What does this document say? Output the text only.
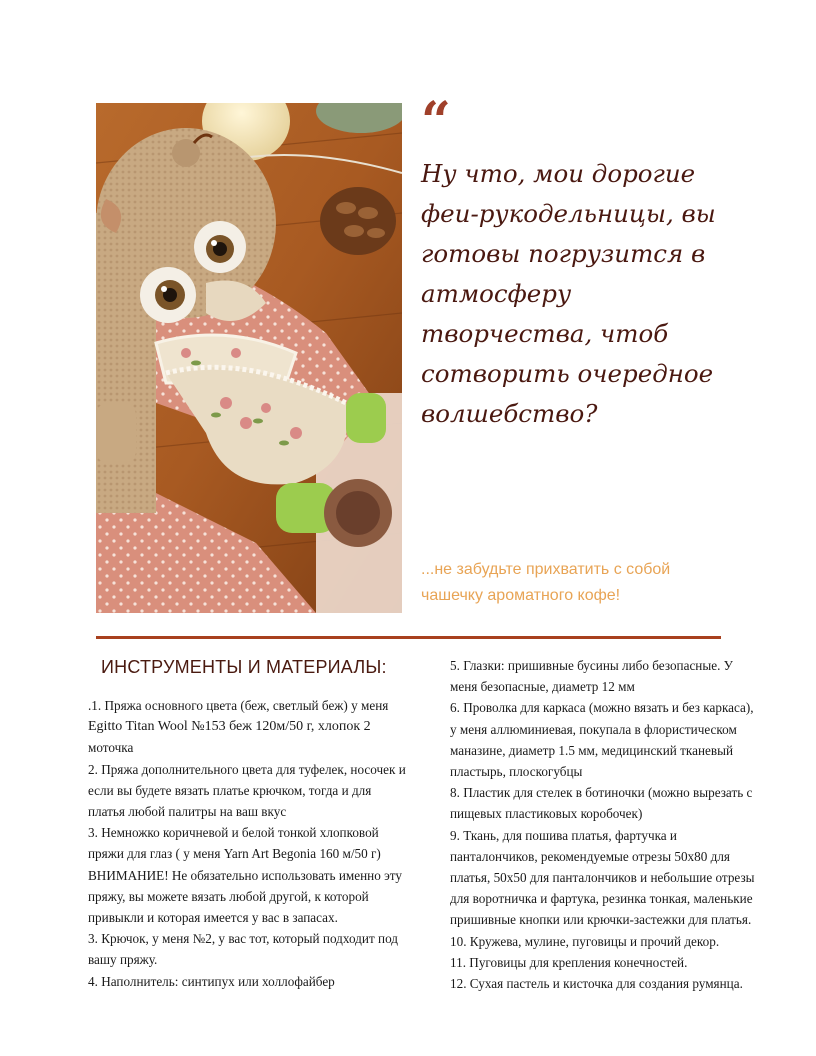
“

Ну что, мои дорогие
феи-рукодельницы, вы
готовы погрузится в
атмосферу
творчества, чтоб
сотворить очередное
волшебство?

...не забудьте прихватить с собой
чашечку ароматного кофе!
ИНСТРУМЕНТЫ И МАТЕРИАЛЫ:

.1. Пряжа основного цвета (беж, светлый беж) у меня

Egitto Titan Wool №153 беж 120м/50 г, хлопок 2

моточка

2. Пряжа дополнительного цвета для туфелек, носочек и

если вы будете вязать платье крючком, тогда и для

платья любой палитры на ваш вкус

3. Немножко коричневой и белой тонкой хлопковой

пряжи для глаз ( у меня Yarn Art Begonia 160 м/50 г)

ВНИМАНИЕ! Не обязательно использовать именно эту

пряжу, вы можете вязать любой другой, к которой

привыкли и которая имеется у вас в запасах.

3. Крючок, у меня №2, у вас тот, который подходит под

вашу пряжу.

4. Наполнитель: синтипух или холлофайбер

5. Глазки: пришивные бусины либо безопасные. У

меня безопасные, диаметр 12 мм

6. Проволка для каркаса (можно вязать и без каркаса),

у меня аллюминиевая, покупала в флористическом

маназине, диаметр 1.5 мм, медицинский тканевый

пластырь, плоскогубцы

8. Пластик для стелек в ботиночки (можно вырезать с

пищевых пластиковых коробочек)

9. Ткань, для пошива платья, фартучка и

панталончиков, рекомендуемые отрезы 50х80 для

платья, 50х50 для панталончиков и небольшие отрезы

для воротничка и фартука, резинка тонкая, маленькие

пришивные кнопки или крючки-застежки для платья.

10. Кружева, мулине, пуговицы и прочий декор.

11. Пуговицы для крепления конечностей.

12. Сухая пастель и кисточка для создания румянца.
